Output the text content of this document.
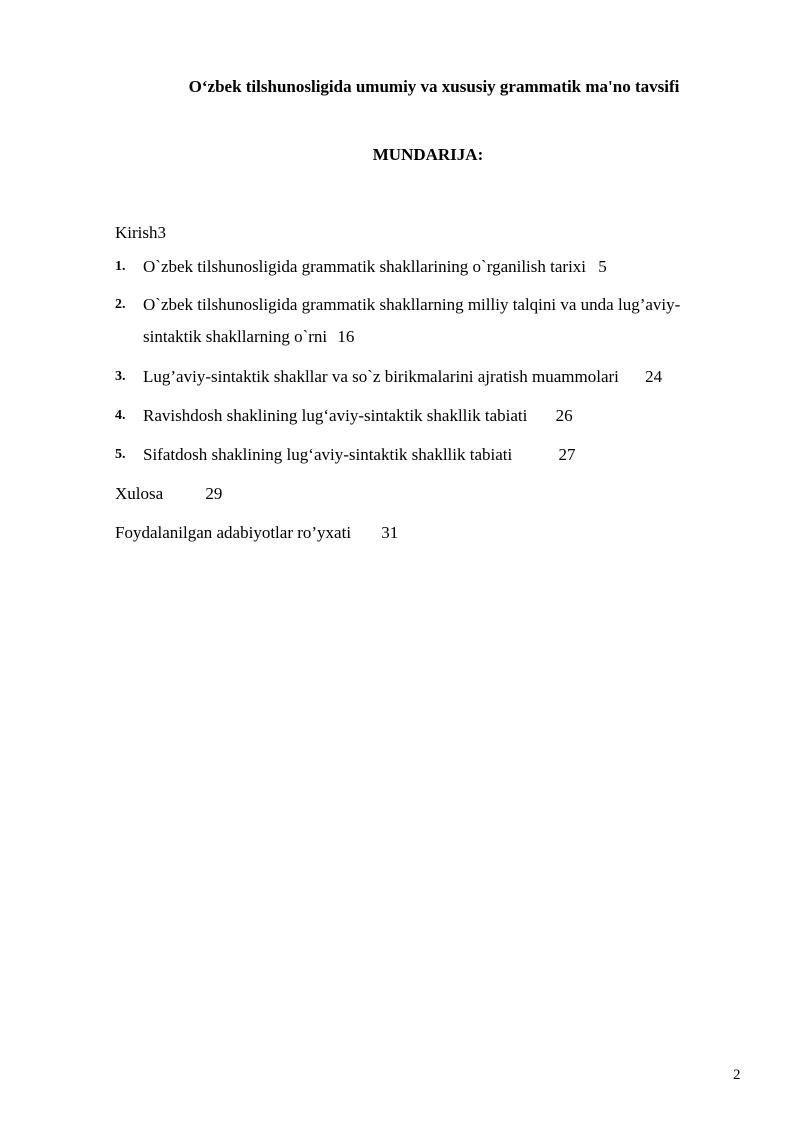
O‘zbek tilshunosligida umumiy va xususiy grammatik ma'no tavsifi
MUNDARIJA:
Kirish3
1. O`zbek tilshunosligida grammatik shakllarining o`rganilish tarixi 5
2. O`zbek tilshunosligida grammatik shakllarning milliy talqini va unda lug’aviy-
sintaktik shakllarning o`rni 16
3. Lug’aviy-sintaktik shakllar va so`z birikmalarini ajratish muammolari 24
4. Ravishdosh shaklining lug‘aviy-sintaktik shakllik tabiati 26
5. Sifatdosh shaklining lug‘aviy-sintaktik shakllik tabiati	27
Xulosa 29
Foydalanilgan adabiyotlar ro’yxati 31
2
